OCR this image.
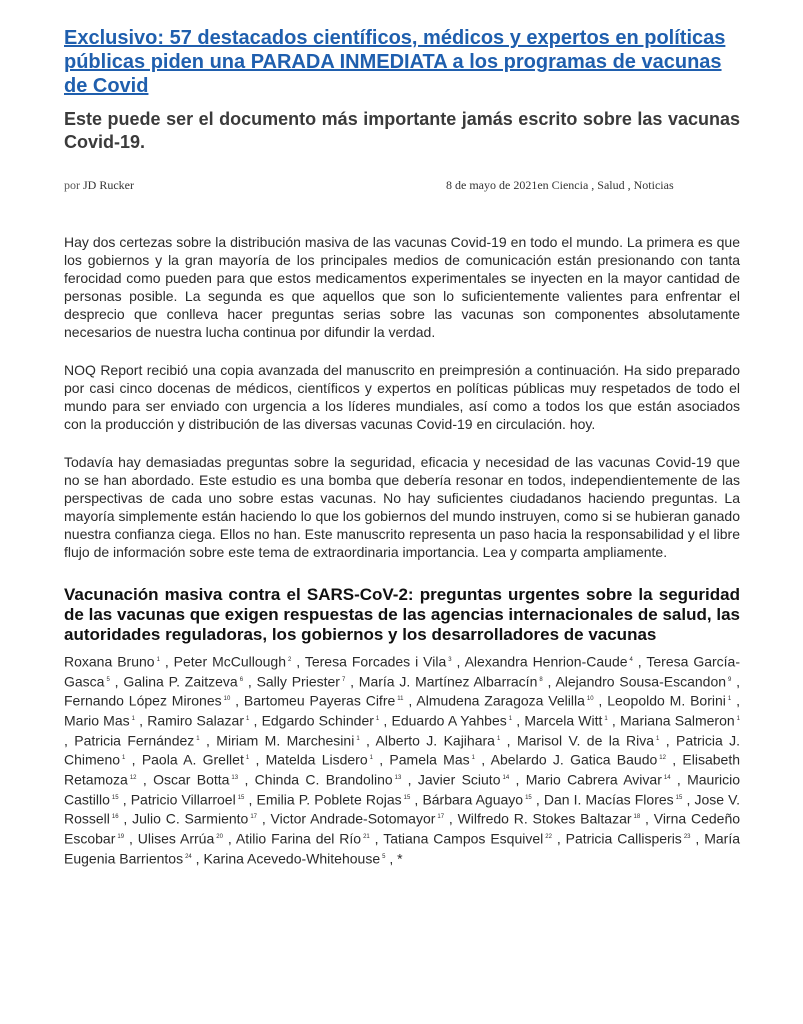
Exclusivo: 57 destacados científicos, médicos y expertos en políticas públicas piden una PARADA INMEDIATA a los programas de vacunas de Covid

Este puede ser el documento más importante jamás escrito sobre las vacunas Covid-19.

por JD Rucker	8 de mayo de 2021en Ciencia , Salud , Noticias

Hay dos certezas sobre la distribución masiva de las vacunas Covid-19 en todo el mundo. La primera es que los gobiernos y la gran mayoría de los principales medios de comunicación están presionando con tanta ferocidad como pueden para que estos medicamentos experimentales se inyecten en la mayor cantidad de personas posible. La segunda es que aquellos que son lo suficientemente valientes para enfrentar el desprecio que conlleva hacer preguntas serias sobre las vacunas son componentes absolutamente necesarios de nuestra lucha continua por difundir la verdad.

NOQ Report recibió una copia avanzada del manuscrito en preimpresión a continuación. Ha sido preparado por casi cinco docenas de médicos, científicos y expertos en políticas públicas muy respetados de todo el mundo para ser enviado con urgencia a los líderes mundiales, así como a todos los que están asociados con la producción y distribución de las diversas vacunas Covid-19 en circulación. hoy.

Todavía hay demasiadas preguntas sobre la seguridad, eficacia y necesidad de las vacunas Covid-19 que no se han abordado. Este estudio es una bomba que debería resonar en todos, independientemente de las perspectivas de cada uno sobre estas vacunas. No hay suficientes ciudadanos haciendo preguntas. La mayoría simplemente están haciendo lo que los gobiernos del mundo instruyen, como si se hubieran ganado nuestra confianza ciega. Ellos no han. Este manuscrito representa un paso hacia la responsabilidad y el libre flujo de información sobre este tema de extraordinaria importancia. Lea y comparta ampliamente.

Vacunación masiva contra el SARS-CoV-2: preguntas urgentes sobre la seguridad de las vacunas que exigen respuestas de las agencias internacionales de salud, las autoridades reguladoras, los gobiernos y los desarrolladores de vacunas
Roxana Bruno $^1$ , Peter McCullough $^2$ , Teresa Forcades i Vila $^3$ , Alexandra Henrion-Caude $^4$ , Teresa García-Gasca $^5$ , Galina P. Zaitzeva $^6$ , Sally Priester $^7$ , María J. Martínez Albarracín $^8$ , Alejandro Sousa-Escandon $^9$ , Fernando López Mirones $^{10}$ , Bartomeu Payeras Cifre $^{11}$ , Almudena Zaragoza Velilla $^{10}$ , Leopoldo M. Borini $^1$ , Mario Mas $^1$ , Ramiro Salazar $^1$ , Edgardo Schinder $^1$ , Eduardo A Yahbes $^1$ , Marcela Witt $^1$ , Mariana Salmeron $^1$ , Patricia Fernández $^1$ , Miriam M. Marchesini $^1$ , Alberto J. Kajihara $^1$ , Marisol V. de la Riva $^1$ , Patricia J. Chimeno $^1$ , Paola A. Grellet $^1$ , Matelda Lisdero $^1$ , Pamela Mas $^1$ , Abelardo J. Gatica Baudo $^{12}$ , Elisabeth Retamoza $^{12}$ , Oscar Botta $^{13}$ , Chinda C. Brandolino $^{13}$ , Javier Sciuto $^{14}$ , Mario Cabrera Avivar $^{14}$ , Mauricio Castillo $^{15}$ , Patricio Villarroel $^{15}$ , Emilia P. Poblete Rojas $^{15}$ , Bárbara Aguayo $^{15}$ , Dan I. Macías Flores $^{15}$ , Jose V. Rossell $^{16}$ , Julio C. Sarmiento $^{17}$ , Victor Andrade-Sotomayor $^{17}$ , Wilfredo R. Stokes Baltazar $^{18}$ , Virna Cedeño Escobar $^{19}$ , Ulises Arrúa $^{20}$ , Atilio Farina del Río $^{21}$ , Tatiana Campos Esquivel $^{22}$ , Patricia Callisperis $^{23}$ , María Eugenia Barrientos $^{24}$ , Karina Acevedo-Whitehouse $^5$ , *
